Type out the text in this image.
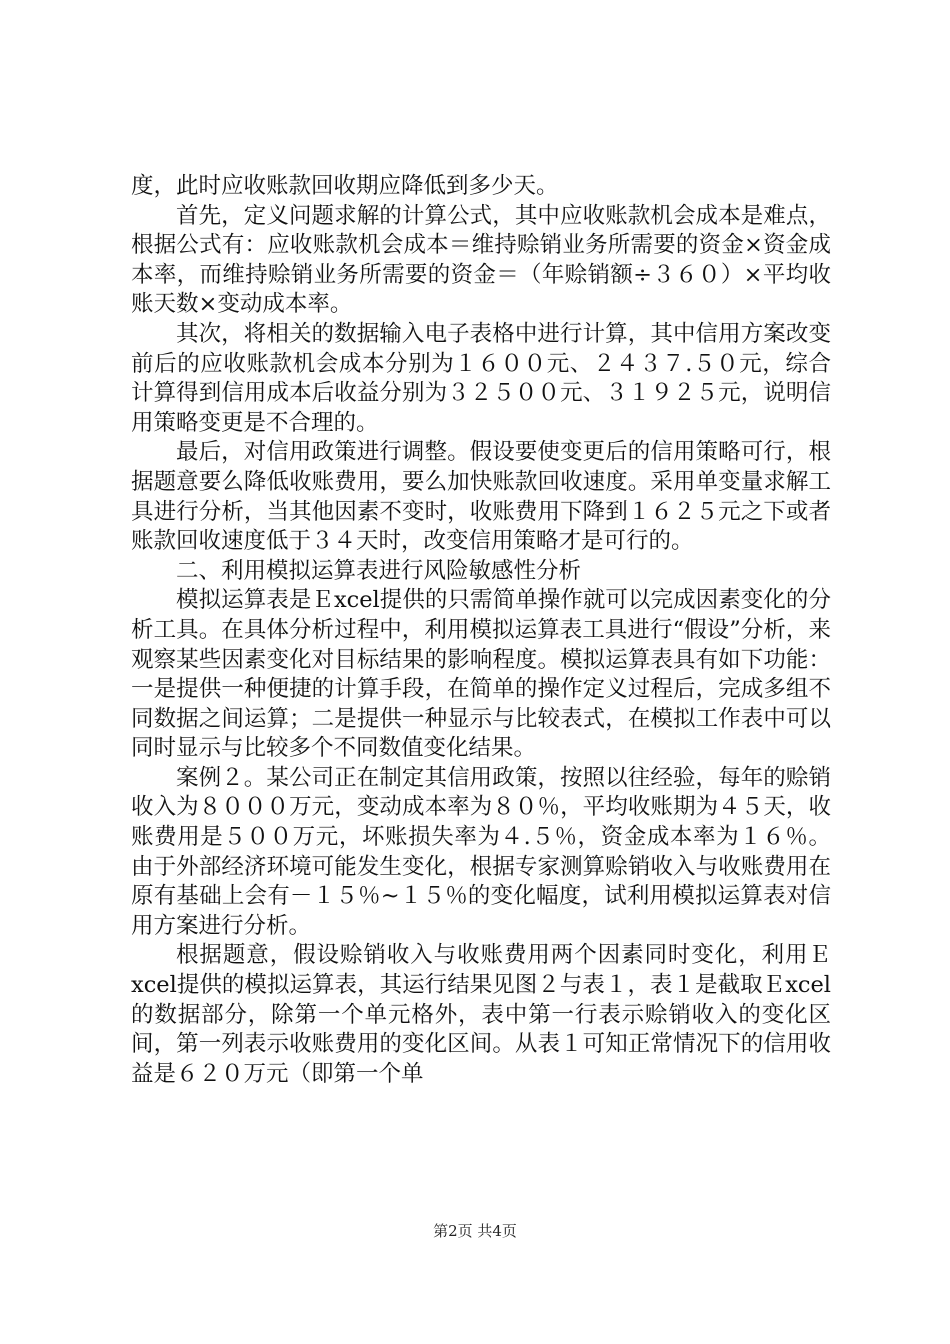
度，此时应收账款回收期应降低到多少天。

首先，定义问题求解的计算公式，其中应收账款机会成本是难点，根据公式有：应收账款机会成本＝维持赊销业务所需要的资金×资金成本率，而维持赊销业务所需要的资金＝（年赊销额÷３６０）×平均收账天数×变动成本率。

其次，将相关的数据输入电子表格中进行计算，其中信用方案改变前后的应收账款机会成本分别为１６００元、２４３７.５０元，综合计算得到信用成本后收益分别为３２５００元、３１９２５元，说明信用策略变更是不合理的。

最后，对信用政策进行调整。假设要使变更后的信用策略可行，根据题意要么降低收账费用，要么加快账款回收速度。采用单变量求解工具进行分析，当其他因素不变时，收账费用下降到１６２５元之下或者账款回收速度低于３４天时，改变信用策略才是可行的。

二、利用模拟运算表进行风险敏感性分析

模拟运算表是Ｅxcel提供的只需简单操作就可以完成因素变化的分析工具。在具体分析过程中，利用模拟运算表工具进行“假设”分析，来观察某些因素变化对目标结果的影响程度。模拟运算表具有如下功能：一是提供一种便捷的计算手段，在简单的操作定义过程后，完成多组不同数据之间运算；二是提供一种显示与比较表式，在模拟工作表中可以同时显示与比较多个不同数值变化结果。

案例２。某公司正在制定其信用政策，按照以往经验，每年的赊销收入为８０００万元，变动成本率为８０％，平均收账期为４５天，收账费用是５００万元，坏账损失率为４.５％，资金成本率为１６％。由于外部经济环境可能发生变化，根据专家测算赊销收入与收账费用在原有基础上会有－１５％~１５％的变化幅度，试利用模拟运算表对信用方案进行分析。

根据题意，假设赊销收入与收账费用两个因素同时变化，利用Ｅxcel提供的模拟运算表，其运行结果见图２与表１，表１是截取Ｅxcel的数据部分，除第一个单元格外，表中第一行表示赊销收入的变化区间，第一列表示收账费用的变化区间。从表１可知正常情况下的信用收益是６２０万元（即第一个单

第2页 共4页
